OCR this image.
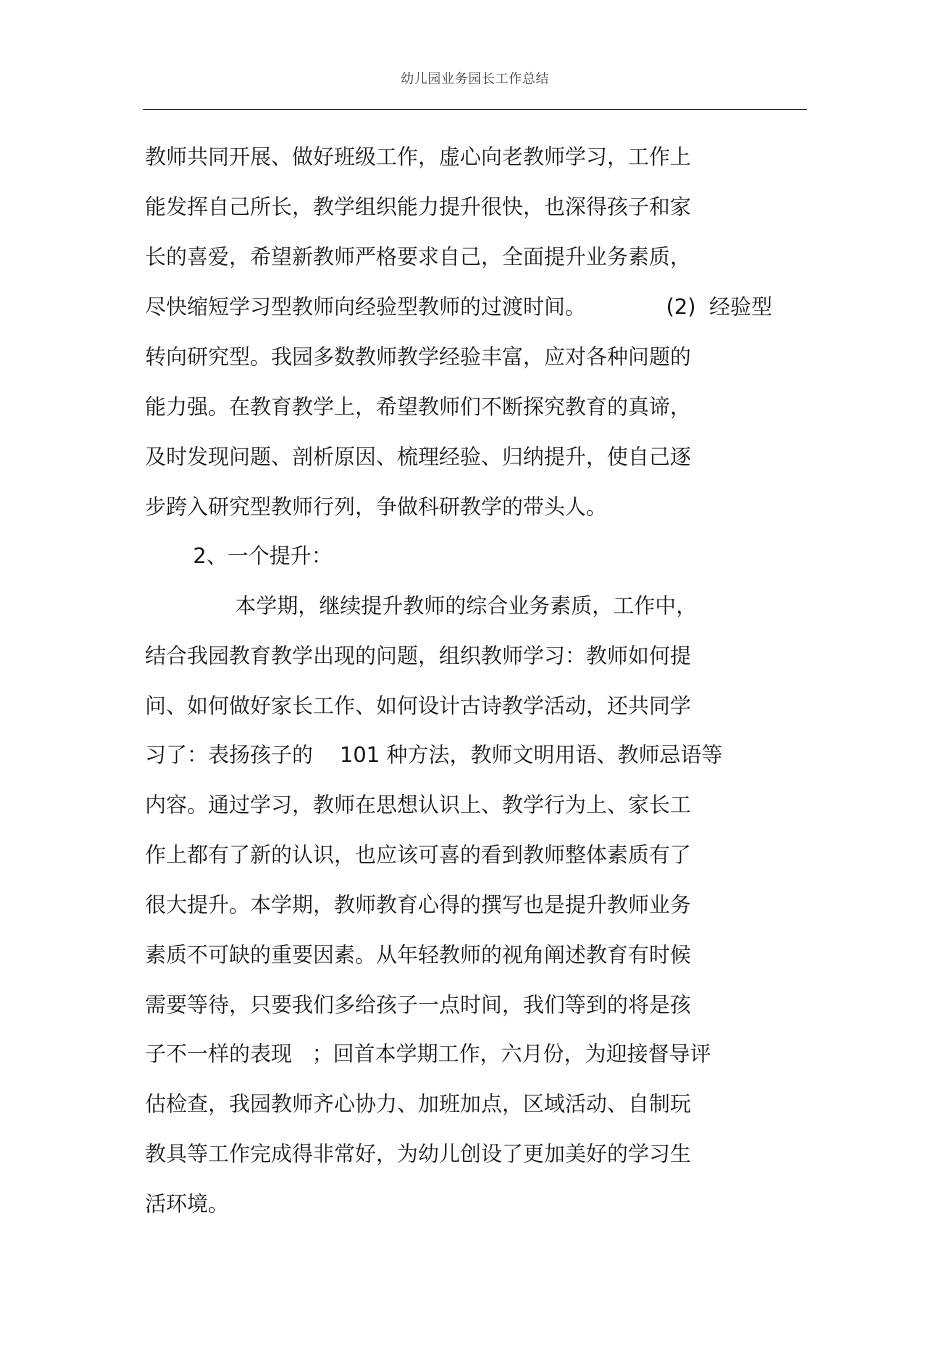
幼儿园业务园长工作总结
教师共同开展、做好班级工作，虚心向老教师学习，工作上
能发挥自己所长，教学组织能力提升很快，也深得孩子和家
长的喜爱，希望新教师严格要求自己，全面提升业务素质，
尽快缩短学习型教师向经验型教师的过渡时间。            (2)  经验型
转向研究型。我园多数教师教学经验丰富，应对各种问题的
能力强。在教育教学上，希望教师们不断探究教育的真谛，
及时发现问题、剖析原因、梳理经验、归纳提升，使自己逐
步跨入研究型教师行列，争做科研教学的带头人。
2、一个提升：
本学期，继续提升教师的综合业务素质，工作中，
结合我园教育教学出现的问题，组织教师学习：教师如何提
问、如何做好家长工作、如何设计古诗教学活动，还共同学
习了：表扬孩子的    101 种方法，教师文明用语、教师忌语等
内容。通过学习，教师在思想认识上、教学行为上、家长工
作上都有了新的认识，也应该可喜的看到教师整体素质有了
很大提升。本学期，教师教育心得的撰写也是提升教师业务
素质不可缺的重要因素。从年轻教师的视角阐述教育有时候
需要等待，只要我们多给孩子一点时间，我们等到的将是孩
子不一样的表现   ；回首本学期工作，六月份，为迎接督导评
估检查，我园教师齐心协力、加班加点，区域活动、自制玩
教具等工作完成得非常好，为幼儿创设了更加美好的学习生
活环境。
